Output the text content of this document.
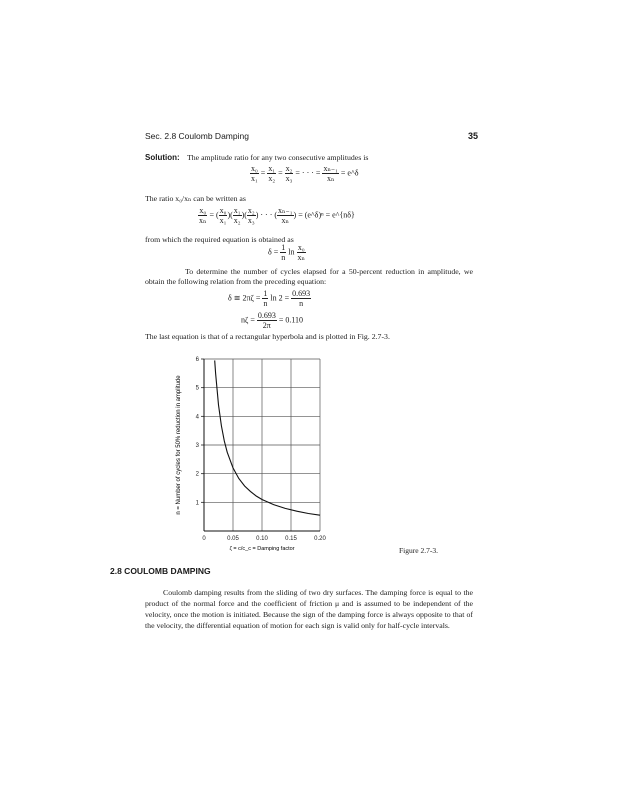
Sec. 2.8 Coulomb Damping	35
Solution: The amplitude ratio for any two consecutive amplitudes is
$\frac{\text{x₀}}{\text{x₁}} = \frac{\text{x₁}}{\text{x₂}} = \frac{\text{x₂}}{\text{x₃}}$ = · · · = $\frac{\text{xₙ₋₁}}{\text{xₙ}}$ = e^δ
The ratio x₀/xₙ can be written as
$\frac{\text{x₀}}{\text{xₙ}}$ = ( $\frac{\text{x₀}}{\text{x₁}}$ )( $\frac{\text{x₁}}{\text{x₂}}$ )( $\frac{\text{x₂}}{\text{x₃}}$ ) · · · ( $\frac{\text{xₙ₋₁}}{\text{xₙ}}$ ) = (e^δ)ⁿ = e^{nδ}
from which the required equation is obtained as
$\delta = \frac{1}{n}$ $\ln \frac{\text{x₀}}{\text{xₙ}}$
To determine the number of cycles elapsed for a 50-percent reduction in amplitude, we obtain the following relation from the preceding equation:
δ ≅ $2\pi\zeta = \frac{1}{n}$ $\ln 2 = \frac{0.693}{n}$
$n\zeta = \frac{0.693}{2\pi} = 0.110$
The last equation is that of a rectangular hyperbola and is plotted in Fig. 2.7-3.
0	0.05	0.10	0.15	0.20
1
2
3
4
5
6
ζ = c/c_c = Damping factor
n = Number of cycles for 50% reduction in amplitude
Figure 2.7-3.
2.8 COULOMB DAMPING
Coulomb damping results from the sliding of two dry surfaces. The damping force is equal to the product of the normal force and the coefficient of friction μ and is assumed to be independent of the velocity, once the motion is initiated. Because the sign of the damping force is always opposite to that of the velocity, the differential equation of motion for each sign is valid only for half-cycle intervals.
